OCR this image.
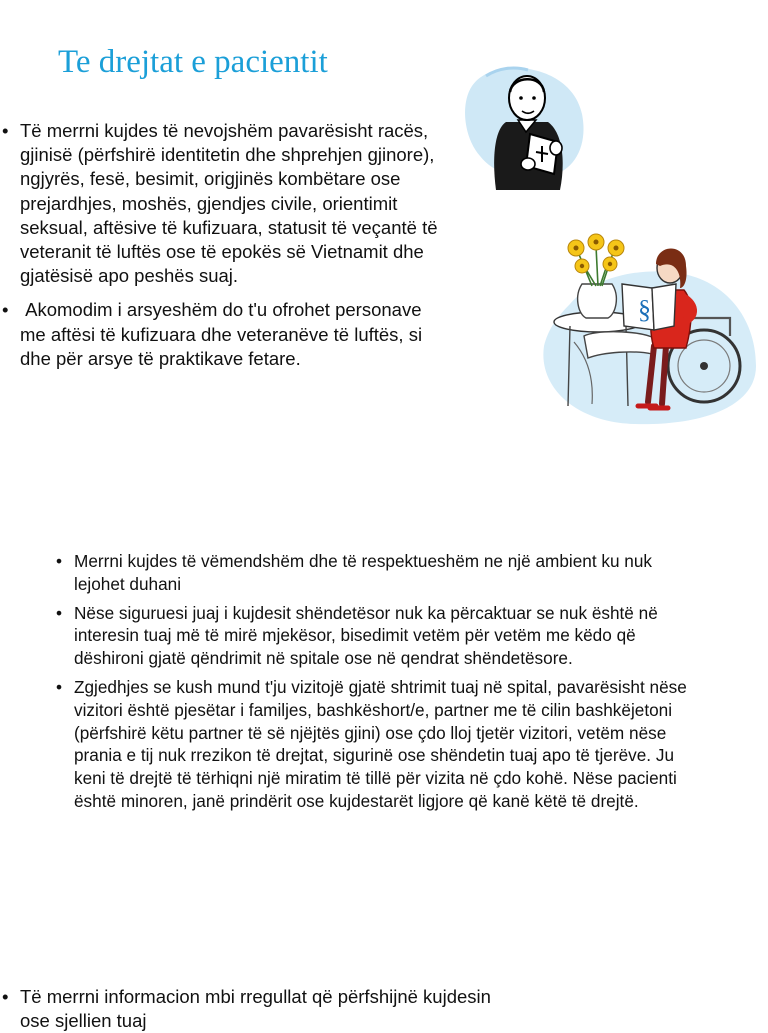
Te drejtat e pacientit
§
• Të merrni kujdes të nevojshëm pavarësisht racës, gjinisë (përfshirë identitetin dhe shprehjen gjinore), ngjyrës, fesë, besimit, origjinës kombëtare ose prejardhjes, moshës, gjendjes civile, orientimit seksual, aftësive të kufizuara, statusit të veçantë të veteranit të luftës ose të epokës së Vietnamit dhe gjatësisë apo peshës suaj.
• Akomodim i arsyeshëm do t'u ofrohet personave me aftësi të kufizuara dhe veteranëve të luftës, si dhe për arsye të praktikave fetare.
• Merrni kujdes të vëmendshëm dhe të respektueshëm ne një ambient ku nuk lejohet duhani
• Nëse siguruesi juaj i kujdesit shëndetësor nuk ka përcaktuar se nuk është në interesin tuaj më të mirë mjekësor, bisedimit vetëm për vetëm me këdo që dëshironi gjatë qëndrimit në spitale ose në qendrat shëndetësore.
• Zgjedhjes se kush mund t'ju vizitojë gjatë shtrimit tuaj në spital, pavarësisht nëse vizitori është pjesëtar i familjes, bashkëshort/e, partner me të cilin bashkëjetoni (përfshirë këtu partner të së njëjtës gjini) ose çdo lloj tjetër vizitori, vetëm nëse prania e tij nuk rrezikon të drejtat, sigurinë ose shëndetin tuaj apo të tjerëve. Ju keni të drejtë të tërhiqni një miratim të tillë për vizita në çdo kohë. Nëse pacienti është minoren, janë prindërit ose kujdestarët ligjore që kanë këtë të drejtë.
• Të merrni informacion mbi rregullat që përfshijnë kujdesin ose sjellien tuaj
